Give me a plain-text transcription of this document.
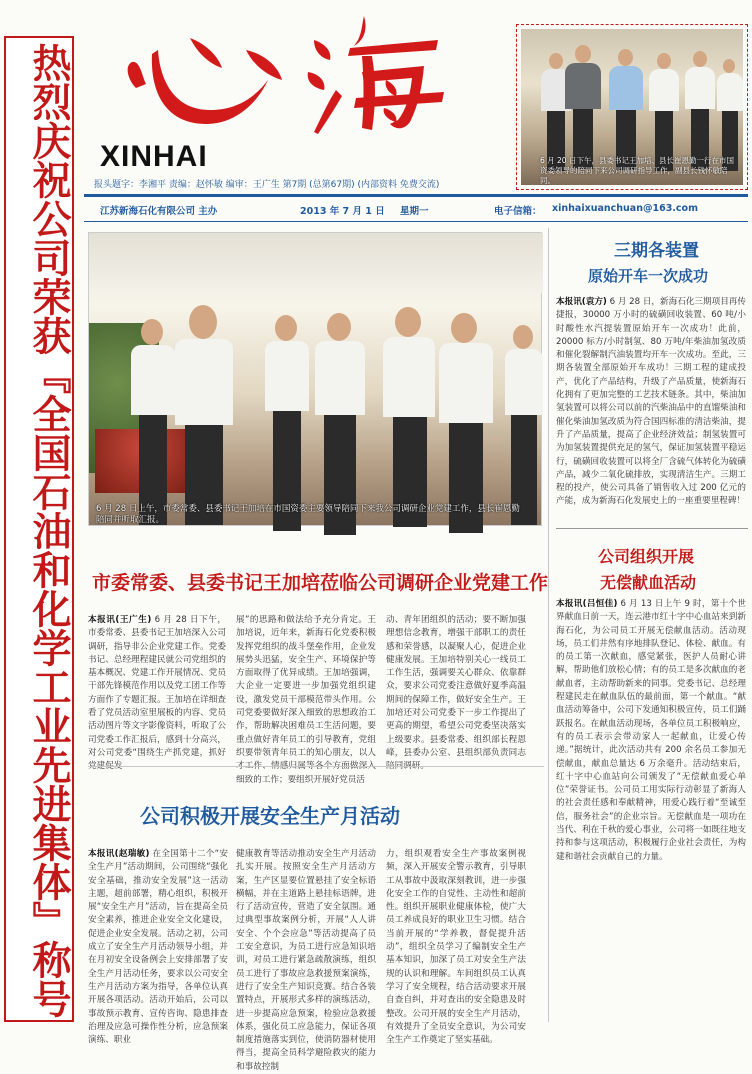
热烈庆祝公司荣获『全国石油和化学工业先进集体』称号 XINHAI
报头题字：李湘平 责编：赵怀敏 编审：王广生 第7期 (总第67期) (内部资料 免费交流)
江苏新海石化有限公司 主办	2013 年 7 月 1 日 星期一	电子信箱： xinhaixuanchuan@163.com
6 月 20 日下午，县委书记王加培、县长崔恩勤一行在市国资委领导的陪同下来公司调研指导工作，副县长钱怀敏陪同。
6 月 28 日上午，市委常委、县委书记王加培在市国资委主要领导陪同下来我公司调研企业党建工作，县长崔恩勤陪同并听取汇报。
市委常委、县委书记王加培莅临公司调研企业党建工作
本报讯(王广生) 6 月 28 日下午，市委常委、县委书记王加培深入公司调研，指导非公企业党建工作。党委书记、总经理程建民就公司党组织的基本概况、党建工作开展情况、党员干部先锋模范作用以及党工团工作等方面作了专题汇报。王加培在详细查看了党员活动室里展板的内容、党员活动图片等文字影像资料，听取了公司党委工作汇报后，感到十分高兴，对公司党委“围绕生产抓党建，抓好
展”的思路和做法给予充分肯定。王加培说，近年来，新海石化党委积极发挥党组织的战斗堡垒作用，企业发展势头迅猛，安全生产、环境保护等方面取得了优异成绩。王加培强调，大企业一定要进一步加强党组织建设，激发党员干部模范带头作用。公司党委要做好深入细致的思想政治工作，帮助解决困难员工生活问题，要重点做好青年员工的引导教育，党组织要带领青年员工的知心朋友，以人 细致的工作；要组织开展好党员活
动、青年团组织的活动；要不断加强理想信念教育，增强干部职工的责任感和荣誉感，以凝聚人心，促进企业健康发展。王加培特别关心一线员工工作生活，强调要关心群众、依靠群众，要求公司党委注意做好夏季高温期间的保障工作，做好安全生产。王加培还对公司党委下一步工作提出了更高的期望，希望公司党委坚决落实上级要求。县委常委、组织部长程恩峰，县委办公室、县组织部负责同志
公司积极开展安全生产月活动
本报讯(赵瑞敏) 在全国第十二个“安全生产月”活动期间，公司围绕“强化安全基础，推动安全发展”这一活动主题，超前部署，精心组织，积极开展“安全生产月”活动，旨在提高全员安全素养，推进企业安全文化建设，促进企业安全发展。活动之初，公司成立了安全生产月活动领导小组，并在月初安全设备例会上安排部署了安全生产月活动任务，要求以公司安全生产月活动方案为指导，各单位认真开展各项活动。活动开始后，公司以事故预示教育、宣传咨询、隐患排查治理及应急可操作性分析，应急预案演练、职业
健康教育等活动推动安全生产月活动扎实开展。按照安全生产月活动方案，生产区显要位置悬挂了安全标语横幅，并在主道路上悬挂标语牌，进行了活动宣传，营造了安全氛围。通过典型事故案例分析，开展“人人讲安全、个个会应急”等活动提高了员工安全意识，为员工进行应急知识培训，对员工进行紧急疏散演练，组织员工进行了事故应急救援预案演练，进行了安全生产知识竞赛。结合各装置特点，开展形式多样的演练活动，进一步提高应急预案，检验应急救援体系，强化员工应急能力，保证各项制度措施落实到位，使消防器材使用得当，提高全员科学避险救灾的能力和事故控制
力，组织观看安全生产事故案例视频，深入开展安全警示教育，引导职工从事故中汲取深刻教训，进一步强化安全工作的自觉性、主动性和超前性。组织开展职业健康体检，使广大员工养成良好的职业卫生习惯。结合当前开展的“学养教，督促提升活动”，组织全员学习了编制安全生产基本知识，加深了员工对安全生产法规的认识和理解。车间组织员工认真学习了安全规程，结合活动要求开展自查自纠，并对查出的安全隐患及时整改。公司开展的安全生产月活动，有效提升了全员安全意识，为公司安全生产工作奠定了坚实基础。
三期各装置
原始开车一次成功
本报讯(袁方) 6 月 28 日，新海石化三期项目再传捷报，30000 万小时的硫磺回收装置、60 吨/小时酸性水汽提装置原始开车一次成功！此前，20000 标方/小时制氢、80 万吨/年柴油加氢改质和催化裂解制汽油装置均开车一次成功。至此，三期各装置全部原始开车成功！三期工程的建成投产，优化了产品结构，升级了产品质量，使新海石化拥有了更加完整的工艺技术链条。其中，柴油加氢装置可以将公司以前的汽柴油品中的直馏柴油和催化柴油加氢改质为符合国四标准的清洁柴油，提升了产品质量，提高了企业经济效益；制氢装置可为加氢装置提供充足的氢气，保证加氢装置平稳运行，硫磺回收装置可以将全厂含硫气体转化为硫磺产品，减少二氧化硫排放，实现清洁生产。三期工程的投产，使公司具备了销售收入过 200 亿元的产能，成为新海石化发展史上的一座重要里程碑！
公司组织开展
无偿献血活动
本报讯(吕恒佳) 6 月 13 日上午 9 时，第十个世界献血日前一天，连云港市红十字中心血站来到新海石化，为公司员工开展无偿献血活动。活动现场，员工们井然有序地排队登记、体检、献血。有的员工第一次献血，感觉紧张，医护人员耐心讲解，帮助他们放松心情；有的员工是多次献血的老献血者，主动帮助新来的同事。党委书记、总经理程建民走在献血队伍的最前面，第一个献血。“献血活动筹备中，公司下发通知积极宣传，员工们踊跃报名。在献血活动现场，各单位员工积极响应，有的员工表示会带动家人一起献血，让爱心传递。”据统计，此次活动共有 200 余名员工参加无偿献血，献血总量达 6 万余毫升。活动结束后，红十字中心血站向公司颁发了“无偿献血爱心单位”荣誉证书。公司员工用实际行动彰显了新海人的社会责任感和奉献精神，用爱心践行着“至诚至信，服务社会”的企业宗旨。无偿献血是一项功在当代、利在千秋的爱心事业，公司将一如既往地支持和参与这项活动，积极履行企业社会责任，为构建和谐社会贡献自己的力量。
